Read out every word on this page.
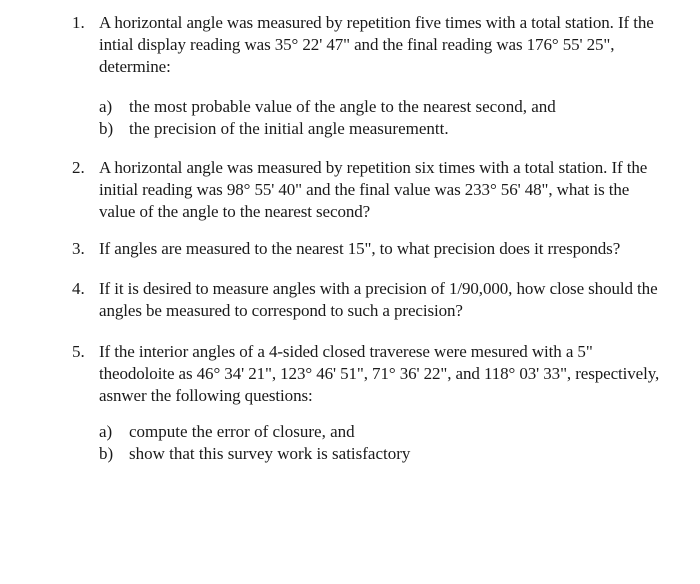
1. A horizontal angle was measured by repetition five times with a total station. If the intial display reading was 35° 22' 47" and the final reading was 176° 55' 25", determine:
a) the most probable value of the angle to the nearest second, and
b) the precision of the initial angle measurementt.
2. A horizontal angle was measured by repetition six times with a total station. If the initial reading was 98° 55' 40" and the final value was 233° 56' 48", what is the value of the angle to the nearest second?
3. If angles are measured to the nearest 15", to what precision does it rresponds?
4. If it is desired to measure angles with a precision of 1/90,000, how close should the angles be measured to correspond to such a precision?
5. If the interior angles of a 4-sided closed traverese were mesured with a 5" theodoloite as 46° 34' 21", 123° 46' 51", 71° 36' 22", and 118° 03' 33", respectively, asnwer the following questions:
a) compute the error of closure, and
b) show that this survey work is satisfactory
